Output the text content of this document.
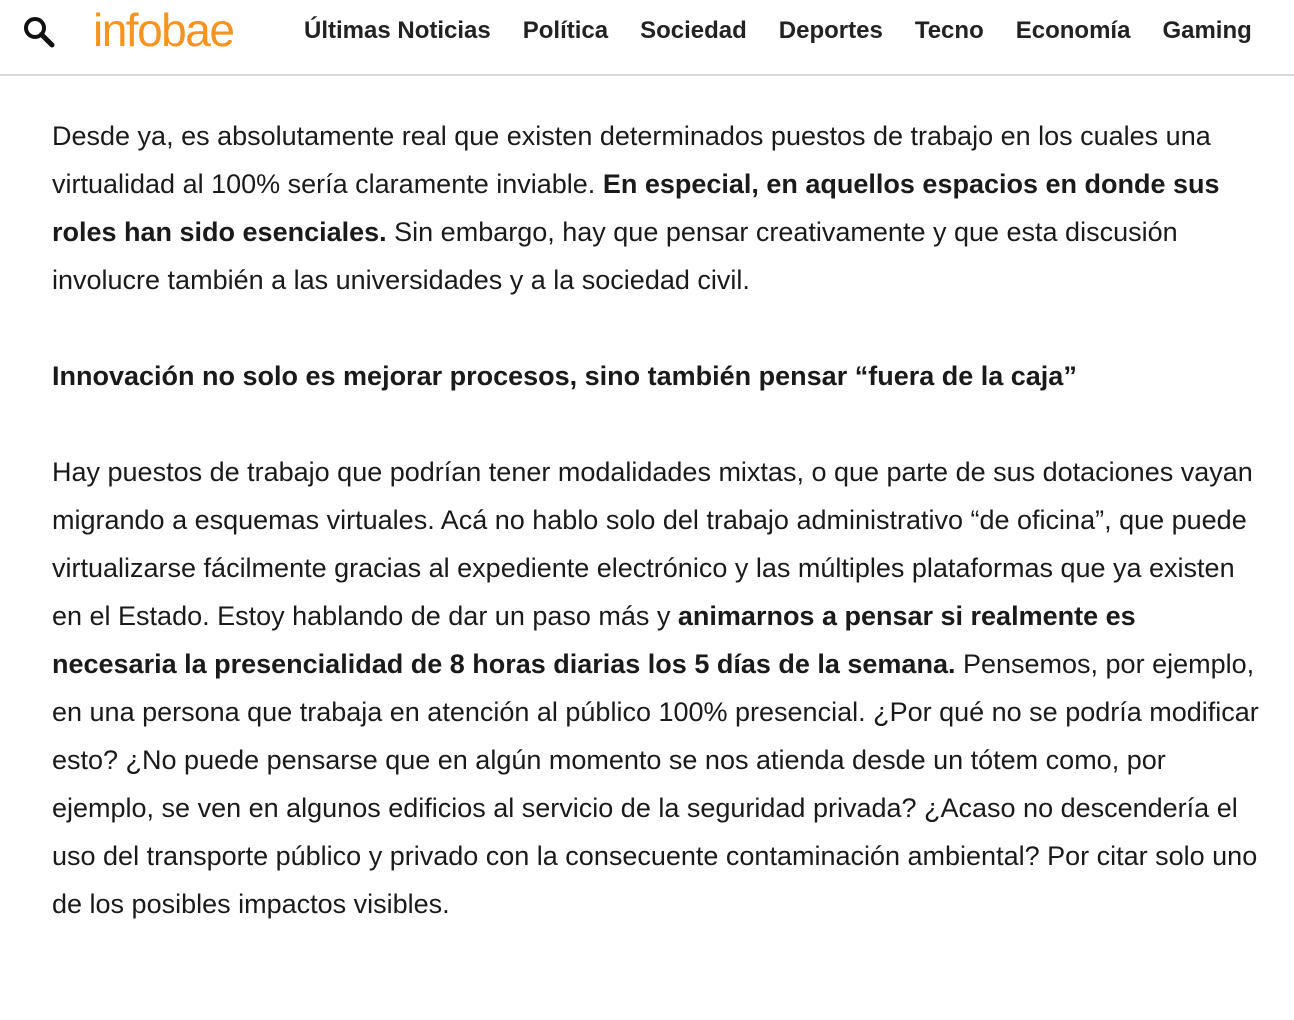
infobae	Últimas Noticias Política Sociedad Deportes Tecno Economía Gaming

Desde ya, es absolutamente real que existen determinados puestos de trabajo en los cuales una virtualidad al 100% sería claramente inviable. En especial, en aquellos espacios en donde sus roles han sido esenciales. Sin embargo, hay que pensar creativamente y que esta discusión involucre también a las universidades y a la sociedad civil.

Innovación no solo es mejorar procesos, sino también pensar “fuera de la caja”

Hay puestos de trabajo que podrían tener modalidades mixtas, o que parte de sus dotaciones vayan migrando a esquemas virtuales. Acá no hablo solo del trabajo administrativo “de oficina”, que puede virtualizarse fácilmente gracias al expediente electrónico y las múltiples plataformas que ya existen en el Estado. Estoy hablando de dar un paso más y animarnos a pensar si realmente es necesaria la presencialidad de 8 horas diarias los 5 días de la semana. Pensemos, por ejemplo, en una persona que trabaja en atención al público 100% presencial. ¿Por qué no se podría modificar esto? ¿No puede pensarse que en algún momento se nos atienda desde un tótem como, por ejemplo, se ven en algunos edificios al servicio de la seguridad privada? ¿Acaso no descendería el uso del transporte público y privado con la consecuente contaminación ambiental? Por citar solo uno de los posibles impactos visibles.
